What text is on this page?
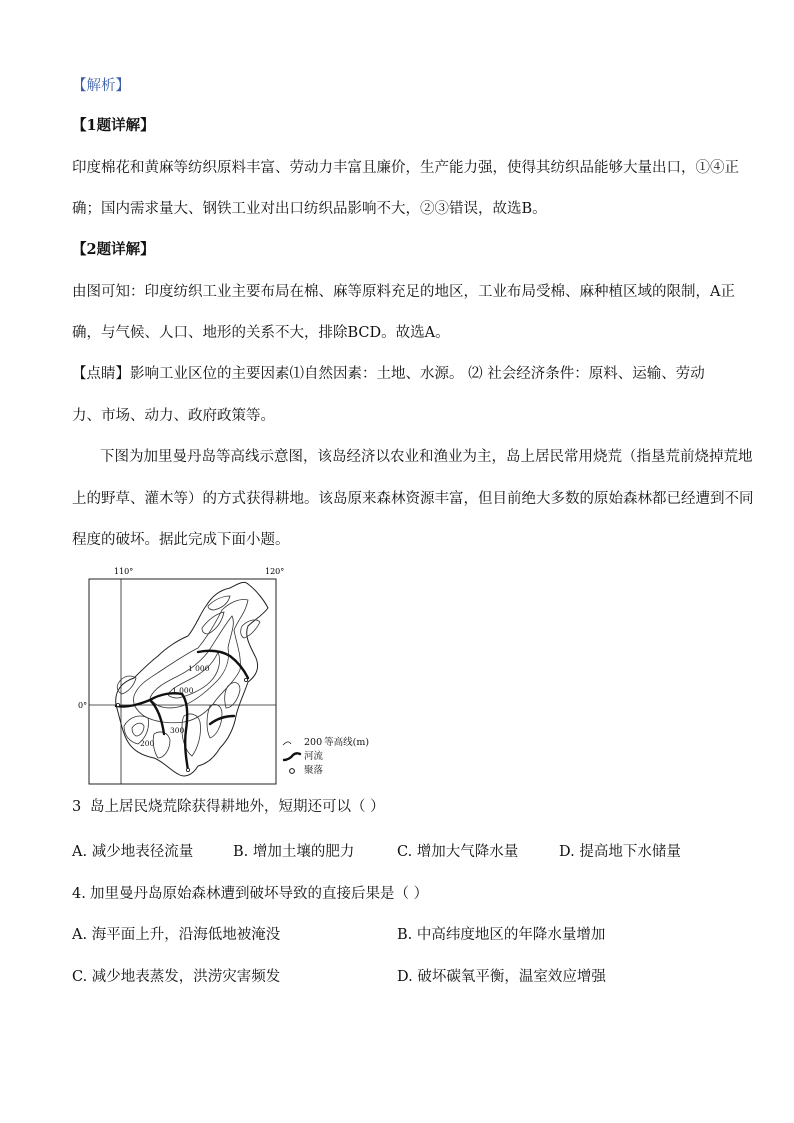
【解析】
【1题详解】
印度棉花和黄麻等纺织原料丰富、劳动力丰富且廉价，生产能力强，使得其纺织品能够大量出口，①④正
确；国内需求量大、钢铁工业对出口纺织品影响不大，②③错误，故选B。
【2题详解】
由图可知：印度纺织工业主要布局在棉、麻等原料充足的地区，工业布局受棉、麻种植区域的限制，A正
确，与气候、人口、地形的关系不大，排除BCD。故选A。
【点睛】影响工业区位的主要因素⑴自然因素：土地、水源。 ⑵ 社会经济条件：原料、运输、劳动
力、市场、动力、政府政策等。
下图为加里曼丹岛等高线示意图，该岛经济以农业和渔业为主，岛上居民常用烧荒（指垦荒前烧掉荒地
上的野草、灌木等）的方式获得耕地。该岛原来森林资源丰富，但目前绝大多数的原始森林都已经遭到不同
程度的破坏。据此完成下面小题。
110°	120°
0°
1 000
1 000
300
200	200 等高线(m)
河流
聚落
3 岛上居民烧荒除获得耕地外，短期还可以（ ）
A. 减少地表径流量	B. 增加土壤的肥力	C. 增加大气降水量	D. 提高地下水储量
4. 加里曼丹岛原始森林遭到破坏导致的直接后果是（ ）
A. 海平面上升，沿海低地被淹没	B. 中高纬度地区的年降水量增加
C. 减少地表蒸发，洪涝灾害频发	D. 破坏碳氧平衡，温室效应增强
